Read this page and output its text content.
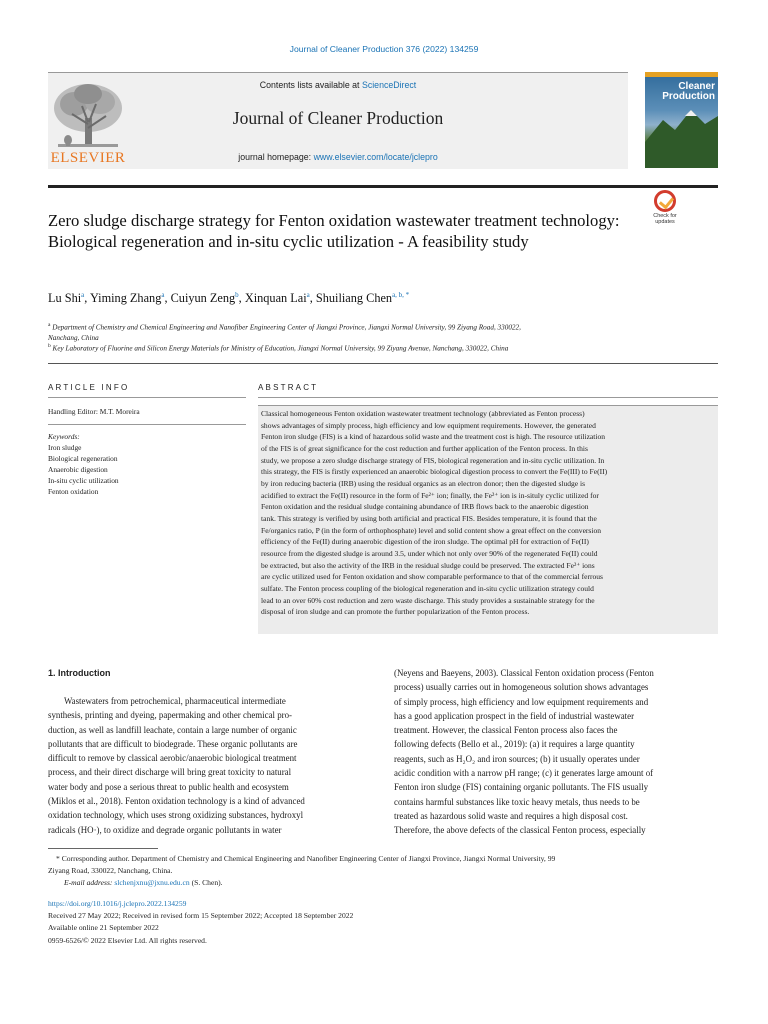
Journal of Cleaner Production 376 (2022) 134259
Contents lists available at ScienceDirect
Journal of Cleaner Production
journal homepage: www.elsevier.com/locate/jclepro
ELSEVIER
Cleaner
Production
Zero sludge discharge strategy for Fenton oxidation wastewater treatment technology: Biological regeneration and in-situ cyclic utilization - A feasibility study
Check for
updates
Lu Shi$^a$, Yiming Zhang$^a$, Cuiyun Zeng$^b$, Xinquan Lai$^a$, Shuiliang Chen$^{a, b, *}$
$^a$ Department of Chemistry and Chemical Engineering and Nanofiber Engineering Center of Jiangxi Province, Jiangxi Normal University, 99 Ziyang Road, 330022,
Nanchang, China
$^b$ Key Laboratory of Fluorine and Silicon Energy Materials for Ministry of Education, Jiangxi Normal University, 99 Ziyang Avenue, Nanchang, 330022, China
ARTICLE INFO
Handling Editor: M.T. Moreira
Keywords:
Iron sludge
Biological regeneration
Anaerobic digestion
In-situ cyclic utilization
Fenton oxidation
ABSTRACT
Classical homogeneous Fenton oxidation wastewater treatment technology (abbreviated as Fenton process)
shows advantages of simply process, high efficiency and low equipment requirements. However, the generated
Fenton iron sludge (FIS) is a kind of hazardous solid waste and the treatment cost is high. The resource utilization
of the FIS is of great significance for the cost reduction and further application of the Fenton process. In this
study, we propose a zero sludge discharge strategy of FIS, biological regeneration and in-situ cyclic utilization. In
this strategy, the FIS is firstly experienced an anaerobic biological digestion process to convert the Fe(III) to Fe(II)
by iron reducing bacteria (IRB) using the residual organics as an electron donor; then the digested sludge is
acidified to extract the Fe(II) resource in the form of Fe²⁺ ion; finally, the Fe²⁺ ion is in-situly cyclic utilized for
Fenton oxidation and the residual sludge containing abundance of IRB flows back to the anaerobic digestion
tank. This strategy is verified by using both artificial and practical FIS. Besides temperature, it is found that the
Fe/organics ratio, P (in the form of orthophosphate) level and solid content show a great effect on the conversion
efficiency of the Fe(II) during anaerobic digestion of the iron sludge. The optimal pH for extraction of Fe(II)
resource from the digested sludge is around 3.5, under which not only over 90% of the regenerated Fe(II) could
be extracted, but also the activity of the IRB in the residual sludge could be preserved. The extracted Fe²⁺ ions
are cyclic utilized used for Fenton oxidation and show comparable performance to that of the commercial ferrous
sulfate. The Fenton process coupling of the biological regeneration and in-situ cyclic utilization strategy could
lead to an over 60% cost reduction and zero waste discharge. This study provides a sustainable strategy for the
disposal of iron sludge and can promote the further popularization of the Fenton process.
1. Introduction
Wastewaters from petrochemical, pharmaceutical intermediate
synthesis, printing and dyeing, papermaking and other chemical pro-
duction, as well as landfill leachate, contain a large number of organic
pollutants that are difficult to biodegrade. These organic pollutants are
difficult to remove by classical aerobic/anaerobic biological treatment
process, and their direct discharge will bring great toxicity to natural
water body and pose a serious threat to public health and ecosystem
(Miklos et al., 2018). Fenton oxidation technology is a kind of advanced
oxidation technology, which uses strong oxidizing substances, hydroxyl
radicals (HO·), to oxidize and degrade organic pollutants in water
(Neyens and Baeyens, 2003). Classical Fenton oxidation process (Fenton
process) usually carries out in homogeneous solution shows advantages
of simply process, high efficiency and low equipment requirements and
has a good application prospect in the field of industrial wastewater
treatment. However, the classical Fenton process also faces the
following defects (Bello et al., 2019): (a) it requires a large quantity
reagents, such as H₂O₂ and iron sources; (b) it usually operates under
acidic condition with a narrow pH range; (c) it generates large amount of
Fenton iron sludge (FIS) containing organic pollutants. The FIS usually
contains harmful substances like toxic heavy metals, thus needs to be
treated as hazardous solid waste and requires a high disposal cost.
Therefore, the above defects of the classical Fenton process, especially
* Corresponding author. Department of Chemistry and Chemical Engineering and Nanofiber Engineering Center of Jiangxi Province, Jiangxi Normal University, 99
Ziyang Road, 330022, Nanchang, China.
E-mail address: slchenjxnu@jxnu.edu.cn (S. Chen).
https://doi.org/10.1016/j.jclepro.2022.134259
Received 27 May 2022; Received in revised form 15 September 2022; Accepted 18 September 2022
Available online 21 September 2022
0959-6526/© 2022 Elsevier Ltd. All rights reserved.
